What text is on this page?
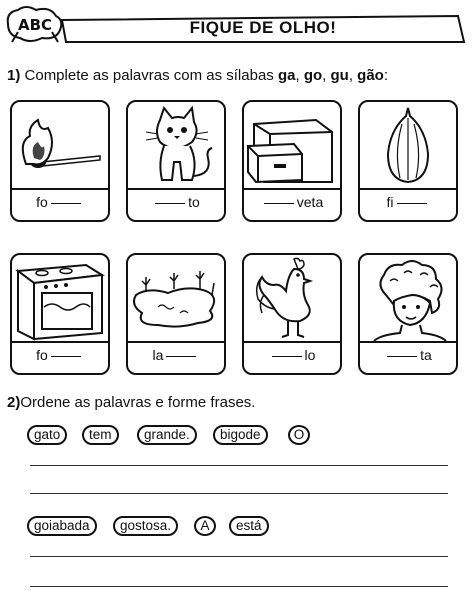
ABC	FIQUE DE OLHO!
1) Complete as palavras com as sílabas ga, go, gu, gão:
fo	to	veta	fi
fo	la	lo	ta
2)Ordene as palavras e forme frases.
gato	tem	grande.	bigode	O
goiabada	gostosa.	A	está
